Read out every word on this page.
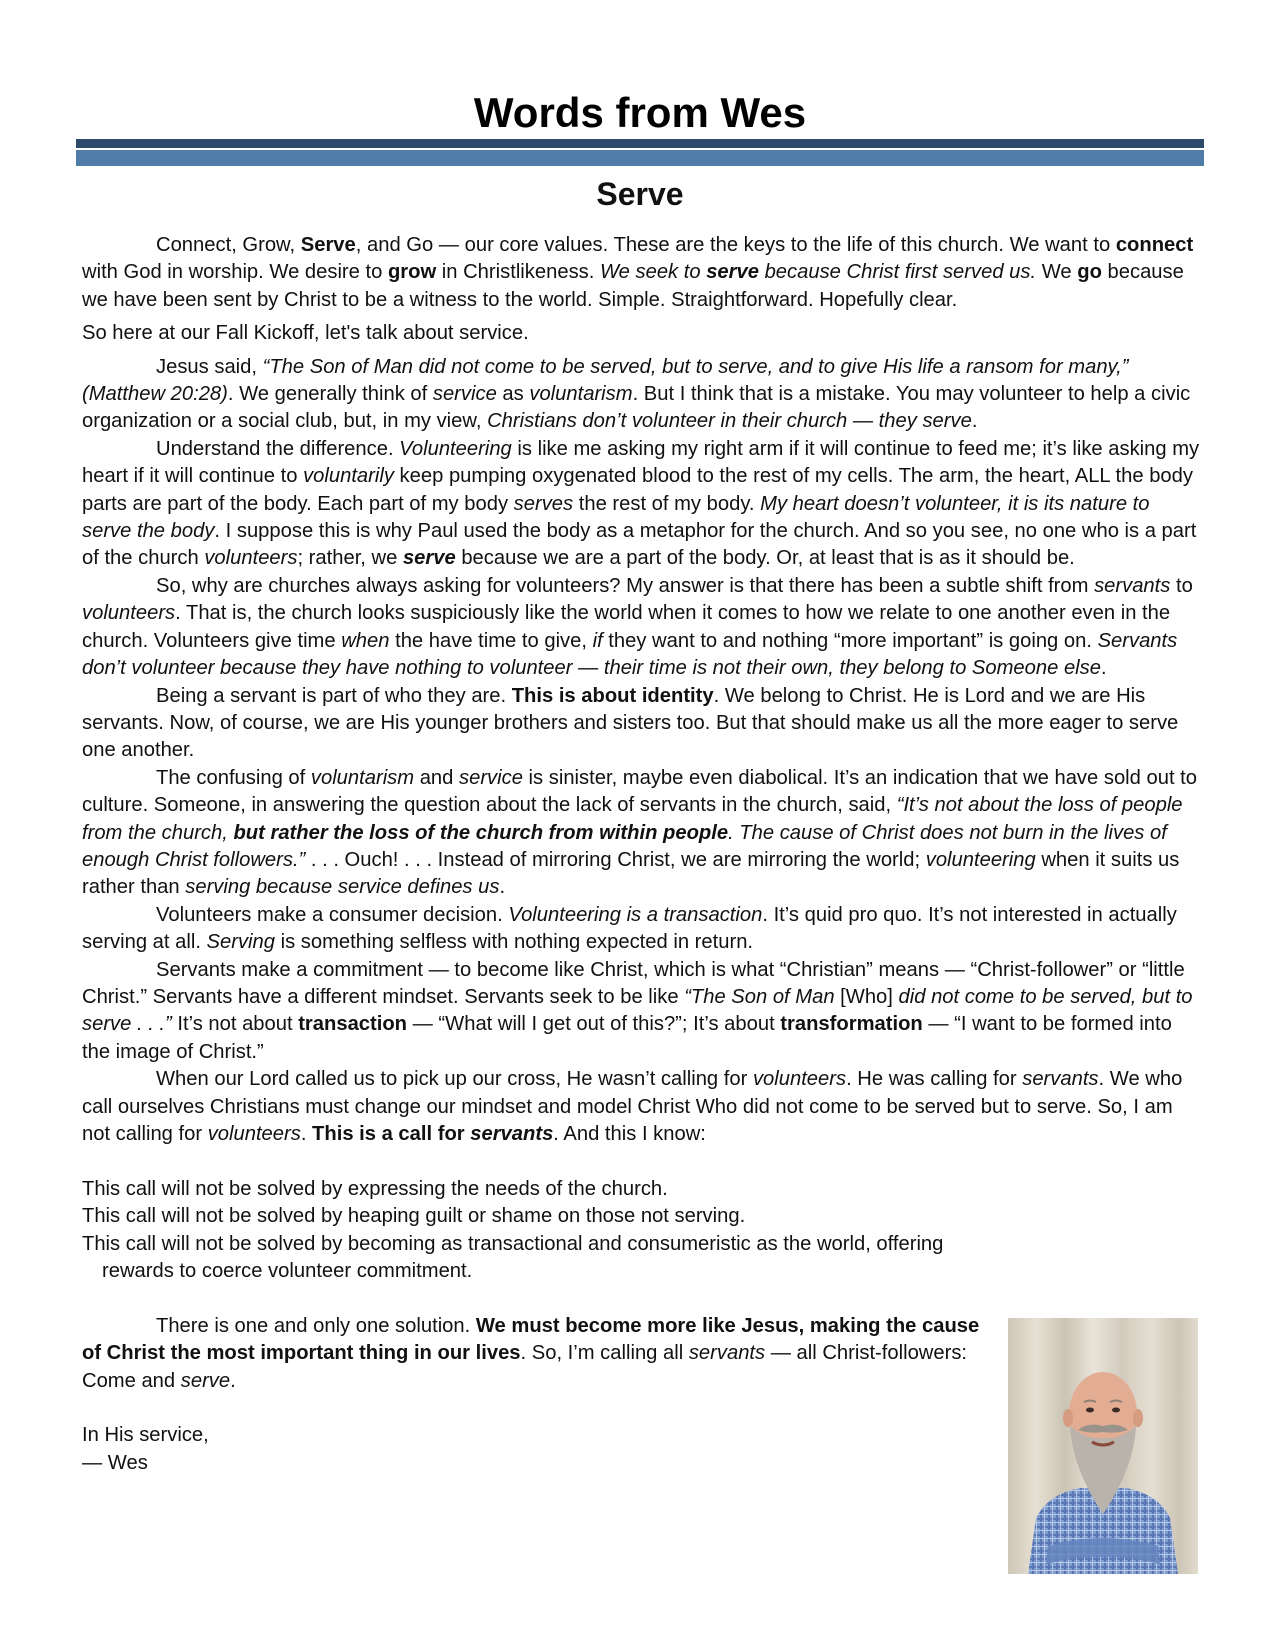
Words from Wes
Serve

Connect, Grow, Serve, and Go — our core values. These are the keys to the life of this church. We want to connect with God in worship. We desire to grow in Christlikeness. We seek to serve because Christ first served us. We go because we have been sent by Christ to be a witness to the world. Simple. Straightforward. Hopefully clear.

So here at our Fall Kickoff, let's talk about service.

Jesus said, “The Son of Man did not come to be served, but to serve, and to give His life a ransom for many,” (Matthew 20:28). We generally think of service as voluntarism. But I think that is a mistake. You may volunteer to help a civic organization or a social club, but, in my view, Christians don’t volunteer in their church — they serve.

Understand the difference. Volunteering is like me asking my right arm if it will continue to feed me; it’s like asking my heart if it will continue to voluntarily keep pumping oxygenated blood to the rest of my cells. The arm, the heart, ALL the body parts are part of the body. Each part of my body serves the rest of my body. My heart doesn’t volunteer, it is its nature to serve the body. I suppose this is why Paul used the body as a metaphor for the church. And so you see, no one who is a part of the church volunteers; rather, we serve because we are a part of the body. Or, at least that is as it should be.

So, why are churches always asking for volunteers? My answer is that there has been a subtle shift from servants to volunteers. That is, the church looks suspiciously like the world when it comes to how we relate to one another even in the church. Volunteers give time when the have time to give, if they want to and nothing “more important” is going on. Servants don’t volunteer because they have nothing to volunteer — their time is not their own, they belong to Someone else.

Being a servant is part of who they are. This is about identity. We belong to Christ. He is Lord and we are His servants. Now, of course, we are His younger brothers and sisters too. But that should make us all the more eager to serve one another.

The confusing of voluntarism and service is sinister, maybe even diabolical. It’s an indication that we have sold out to culture. Someone, in answering the question about the lack of servants in the church, said, “It’s not about the loss of people from the church, but rather the loss of the church from within people. The cause of Christ does not burn in the lives of enough Christ followers.” . . . Ouch! . . . Instead of mirroring Christ, we are mirroring the world; volunteering when it suits us rather than serving because service defines us.

Volunteers make a consumer decision. Volunteering is a transaction. It’s quid pro quo. It’s not interested in actually serving at all. Serving is something selfless with nothing expected in return.

Servants make a commitment — to become like Christ, which is what “Christian” means — “Christ-follower” or “little Christ.” Servants have a different mindset. Servants seek to be like “The Son of Man [Who] did not come to be served, but to serve . . .” It’s not about transaction — “What will I get out of this?”; It’s about transformation — “I want to be formed into the image of Christ.”

When our Lord called us to pick up our cross, He wasn’t calling for volunteers. He was calling for servants. We who call ourselves Christians must change our mindset and model Christ Who did not come to be served but to serve. So, I am not calling for volunteers. This is a call for servants. And this I know:

This call will not be solved by expressing the needs of the church.

This call will not be solved by heaping guilt or shame on those not serving.

This call will not be solved by becoming as transactional and consumeristic as the world, offering rewards to coerce volunteer commitment.

There is one and only one solution. We must become more like Jesus, making the cause of Christ the most important thing in our lives. So, I’m calling all servants — all Christ-followers: Come and serve.

In His service,

— Wes
